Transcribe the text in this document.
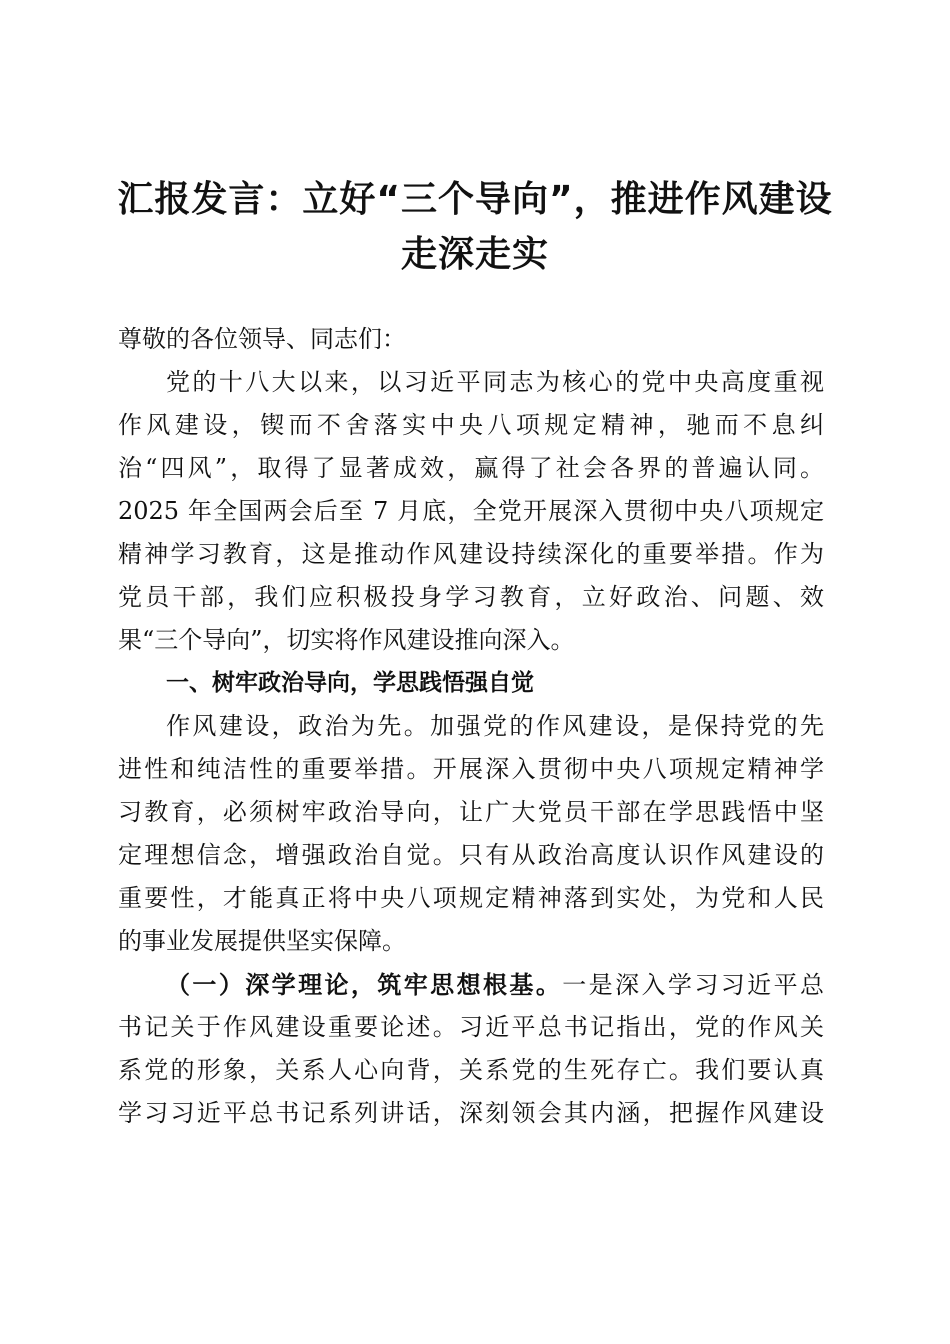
汇报发言：立好“三个导向”，推进作风建设
走深走实
尊敬的各位领导、同志们：
党的十八大以来，以习近平同志为核心的党中央高度重视
作风建设，锲而不舍落实中央八项规定精神，驰而不息纠
治“四风”，取得了显著成效，赢得了社会各界的普遍认同。
2025 年全国两会后至 7 月底，全党开展深入贯彻中央八项规定
精神学习教育，这是推动作风建设持续深化的重要举措。作为
党员干部，我们应积极投身学习教育，立好政治、问题、效
果“三个导向”，切实将作风建设推向深入。
一、树牢政治导向，学思践悟强自觉
作风建设，政治为先。加强党的作风建设，是保持党的先
进性和纯洁性的重要举措。开展深入贯彻中央八项规定精神学
习教育，必须树牢政治导向，让广大党员干部在学思践悟中坚
定理想信念，增强政治自觉。只有从政治高度认识作风建设的
重要性，才能真正将中央八项规定精神落到实处，为党和人民
的事业发展提供坚实保障。
（一）深学理论，筑牢思想根基。一是深入学习习近平总
书记关于作风建设重要论述。习近平总书记指出，党的作风关
系党的形象，关系人心向背，关系党的生死存亡。我们要认真
学习习近平总书记系列讲话，深刻领会其内涵，把握作风建设
